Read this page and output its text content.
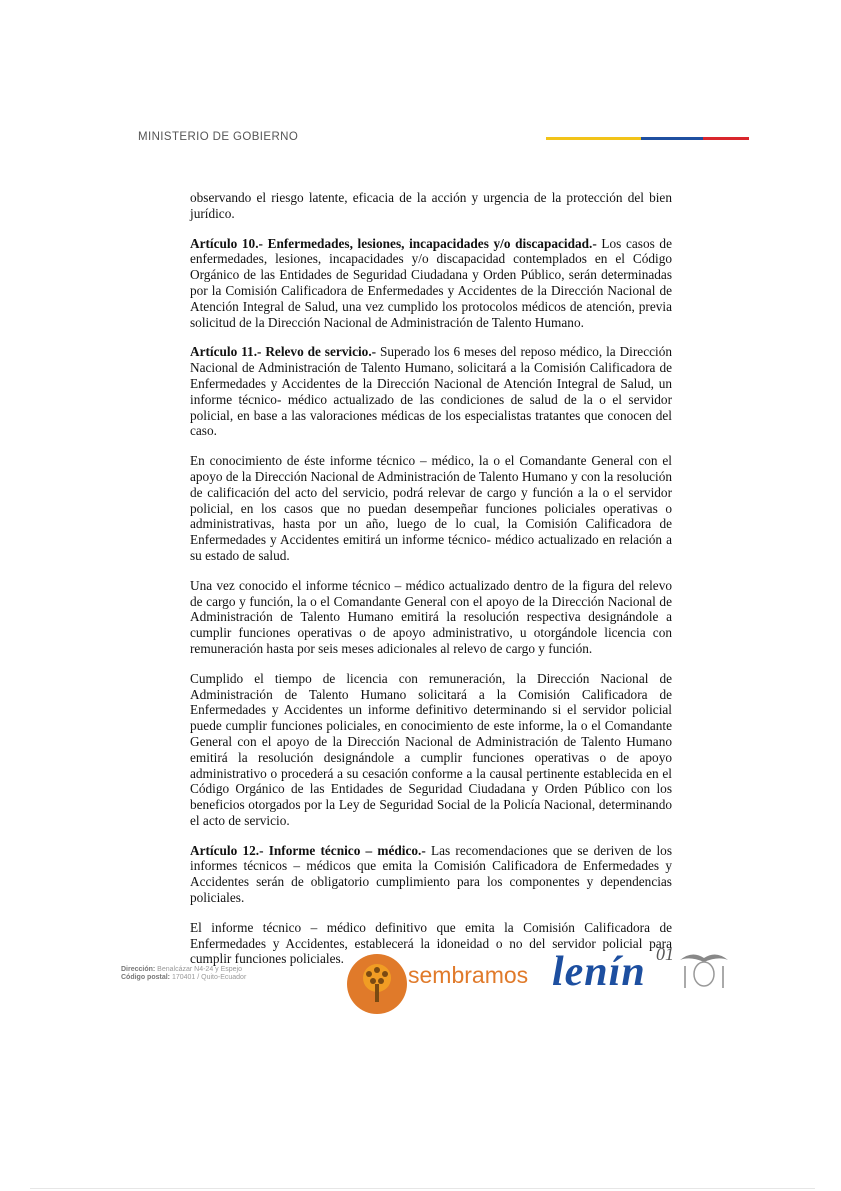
MINISTERIO DE GOBIERNO

observando el riesgo latente, eficacia de la acción y urgencia de la protección del bien jurídico.

Artículo 10.- Enfermedades, lesiones, incapacidades y/o discapacidad.- Los casos de enfermedades, lesiones, incapacidades y/o discapacidad contemplados en el Código Orgánico de las Entidades de Seguridad Ciudadana y Orden Público, serán determinadas por la Comisión Calificadora de Enfermedades y Accidentes de la Dirección Nacional de Atención Integral de Salud, una vez cumplido los protocolos médicos de atención, previa solicitud de la Dirección Nacional de Administración de Talento Humano.

Artículo 11.- Relevo de servicio.- Superado los 6 meses del reposo médico, la Dirección Nacional de Administración de Talento Humano, solicitará a la Comisión Calificadora de Enfermedades y Accidentes de la Dirección Nacional de Atención Integral de Salud, un informe técnico- médico actualizado de las condiciones de salud de la o el servidor policial, en base a las valoraciones médicas de los especialistas tratantes que conocen del caso.

En conocimiento de éste informe técnico – médico, la o el Comandante General con el apoyo de la Dirección Nacional de Administración de Talento Humano y con la resolución de calificación del acto del servicio, podrá relevar de cargo y función a la o el servidor policial, en los casos que no puedan desempeñar funciones policiales operativas o administrativas, hasta por un año, luego de lo cual, la Comisión Calificadora de Enfermedades y Accidentes emitirá un informe técnico- médico actualizado en relación a su estado de salud.

Una vez conocido el informe técnico – médico actualizado dentro de la figura del relevo de cargo y función, la o el Comandante General con el apoyo de la Dirección Nacional de Administración de Talento Humano emitirá la resolución respectiva designándole a cumplir funciones operativas o de apoyo administrativo, u otorgándole licencia con remuneración hasta por seis meses adicionales al relevo de cargo y función.

Cumplido el tiempo de licencia con remuneración, la Dirección Nacional de Administración de Talento Humano solicitará a la Comisión Calificadora de Enfermedades y Accidentes un informe definitivo determinando si el servidor policial puede cumplir funciones policiales, en conocimiento de este informe, la o el Comandante General con el apoyo de la Dirección Nacional de Administración de Talento Humano emitirá la resolución designándole a cumplir funciones operativas o de apoyo administrativo o procederá a su cesación conforme a la causal pertinente establecida en el Código Orgánico de las Entidades de Seguridad Ciudadana y Orden Público con los beneficios otorgados por la Ley de Seguridad Social de la Policía Nacional, determinando el acto de servicio.

Artículo 12.- Informe técnico – médico.- Las recomendaciones que se deriven de los informes técnicos – médicos que emita la Comisión Calificadora de Enfermedades y Accidentes serán de obligatorio cumplimiento para los componentes y dependencias policiales.

El informe técnico – médico definitivo que emita la Comisión Calificadora de Enfermedades y Accidentes, establecerá la idoneidad o no del servidor policial para cumplir funciones policiales.

Dirección: Benalcázar N4-24 y Espejo
Código postal: 170401 / Quito-Ecuador	sembramos lenín 01
